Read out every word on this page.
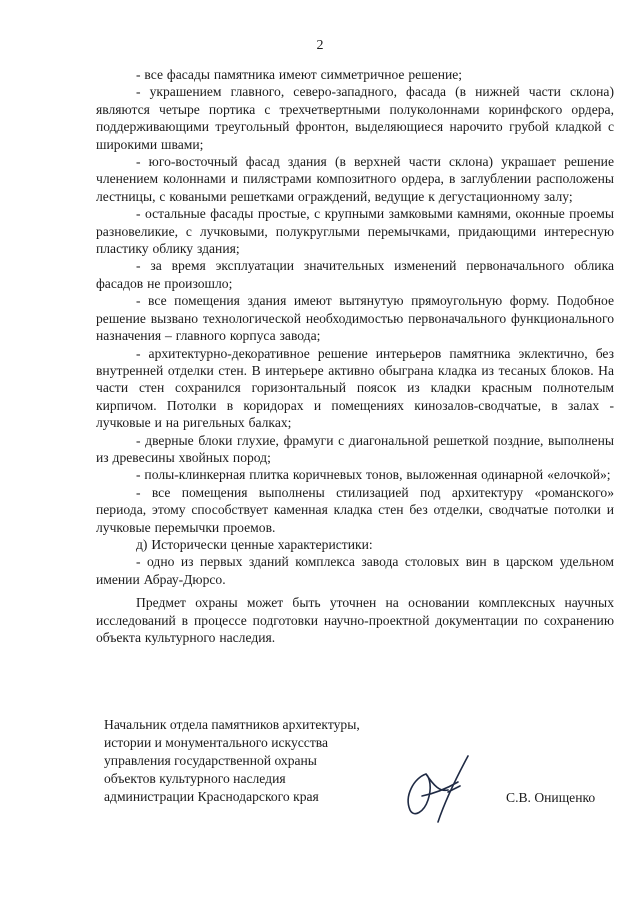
2

- все фасады памятника имеют симметричное решение;

- украшением главного, северо-западного, фасада (в нижней части склона) являются четыре портика с трехчетвертными полуколоннами коринфского ордера, поддерживающими треугольный фронтон, выделяющиеся нарочито грубой кладкой с широкими швами;

- юго-восточный фасад здания (в верхней части склона) украшает решение членением колоннами и пилястрами композитного ордера, в заглублении расположены лестницы, с коваными решетками ограждений, ведущие к дегустационному залу;

- остальные фасады простые, с крупными замковыми камнями, оконные проемы разновеликие, с лучковыми, полукруглыми перемычками, придающими интересную пластику облику здания;

- за время эксплуатации значительных изменений первоначального облика фасадов не произошло;

- все помещения здания имеют вытянутую прямоугольную форму. Подобное решение вызвано технологической необходимостью первоначального функционального назначения – главного корпуса завода;

- архитектурно-декоративное решение интерьеров памятника эклектично, без внутренней отделки стен. В интерьере активно обыграна кладка из тесаных блоков. На части стен сохранился горизонтальный поясок из кладки красным полнотелым кирпичом. Потолки в коридорах и помещениях кинозалов-сводчатые, в залах - лучковые и на ригельных балках;

- дверные блоки глухие, фрамуги с диагональной решеткой поздние, выполнены из древесины хвойных пород;

- полы-клинкерная плитка коричневых тонов, выложенная одинарной «елочкой»;

- все помещения выполнены стилизацией под архитектуру «романского» периода, этому способствует каменная кладка стен без отделки, сводчатые потолки и лучковые перемычки проемов.

д) Исторически ценные характеристики:

- одно из первых зданий комплекса завода столовых вин в царском удельном имении Абрау-Дюрсо.

Предмет охраны может быть уточнен на основании комплексных научных исследований в процессе подготовки научно-проектной документации по сохранению объекта культурного наследия.

Начальник отдела памятников архитектуры,
истории и монументального искусства
управления государственной охраны
объектов культурного наследия
администрации Краснодарского края	С.В. Онищенко
